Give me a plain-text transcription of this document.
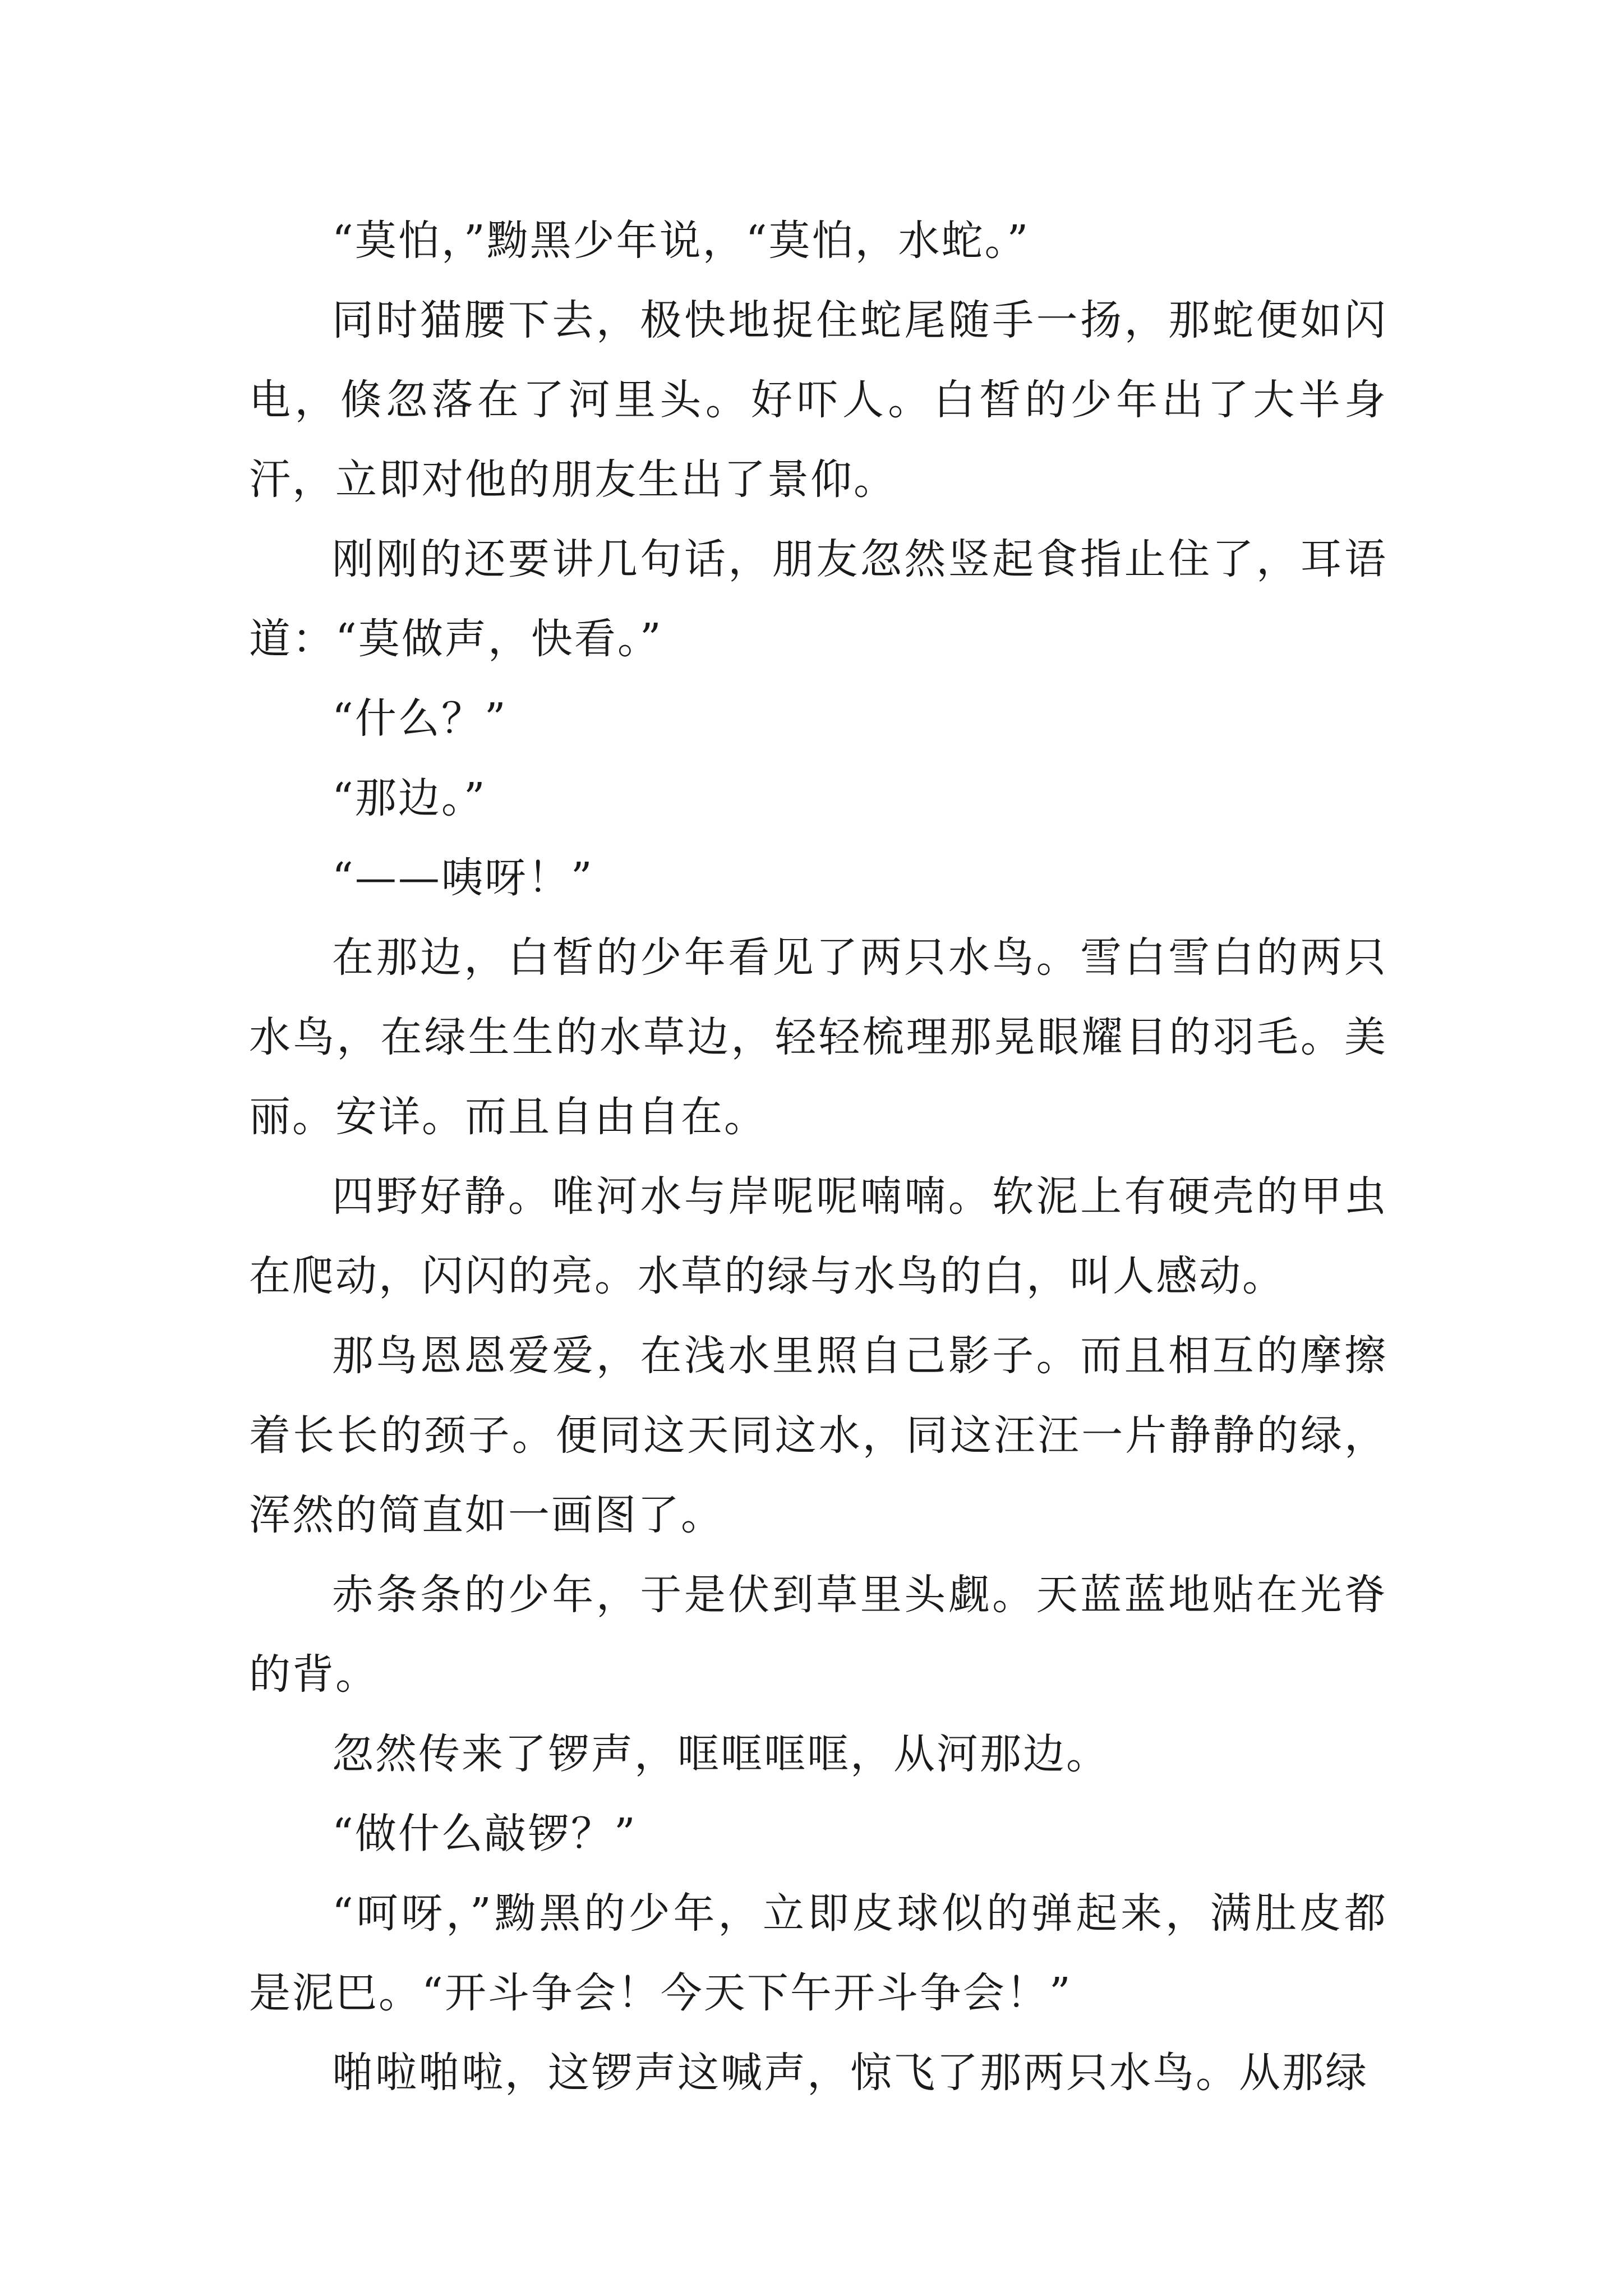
“莫怕，”黝黑少年说，“莫怕，水蛇。”

同时猫腰下去，极快地捉住蛇尾随手一扬，那蛇便如闪电，倏忽落在了河里头。好吓人。白皙的少年出了大半身汗，立即对他的朋友生出了景仰。

刚刚的还要讲几句话，朋友忽然竖起食指止住了，耳语道：“莫做声，快看。”

“什么？”

“那边。”

“——咦呀！”

在那边，白皙的少年看见了两只水鸟。雪白雪白的两只水鸟，在绿生生的水草边，轻轻梳理那晃眼耀目的羽毛。美丽。安详。而且自由自在。

四野好静。唯河水与岸呢呢喃喃。软泥上有硬壳的甲虫在爬动，闪闪的亮。水草的绿与水鸟的白，叫人感动。

那鸟恩恩爱爱，在浅水里照自己影子。而且相互的摩擦着长长的颈子。便同这天同这水，同这汪汪一片静静的绿，浑然的简直如一画图了。

赤条条的少年，于是伏到草里头觑。天蓝蓝地贴在光脊的背。

忽然传来了锣声，哐哐哐哐，从河那边。

“做什么敲锣？”

“呵呀，”黝黑的少年，立即皮球似的弹起来，满肚皮都是泥巴。“开斗争会！今天下午开斗争会！”

啪啦啪啦，这锣声这喊声，惊飞了那两只水鸟。从那绿
